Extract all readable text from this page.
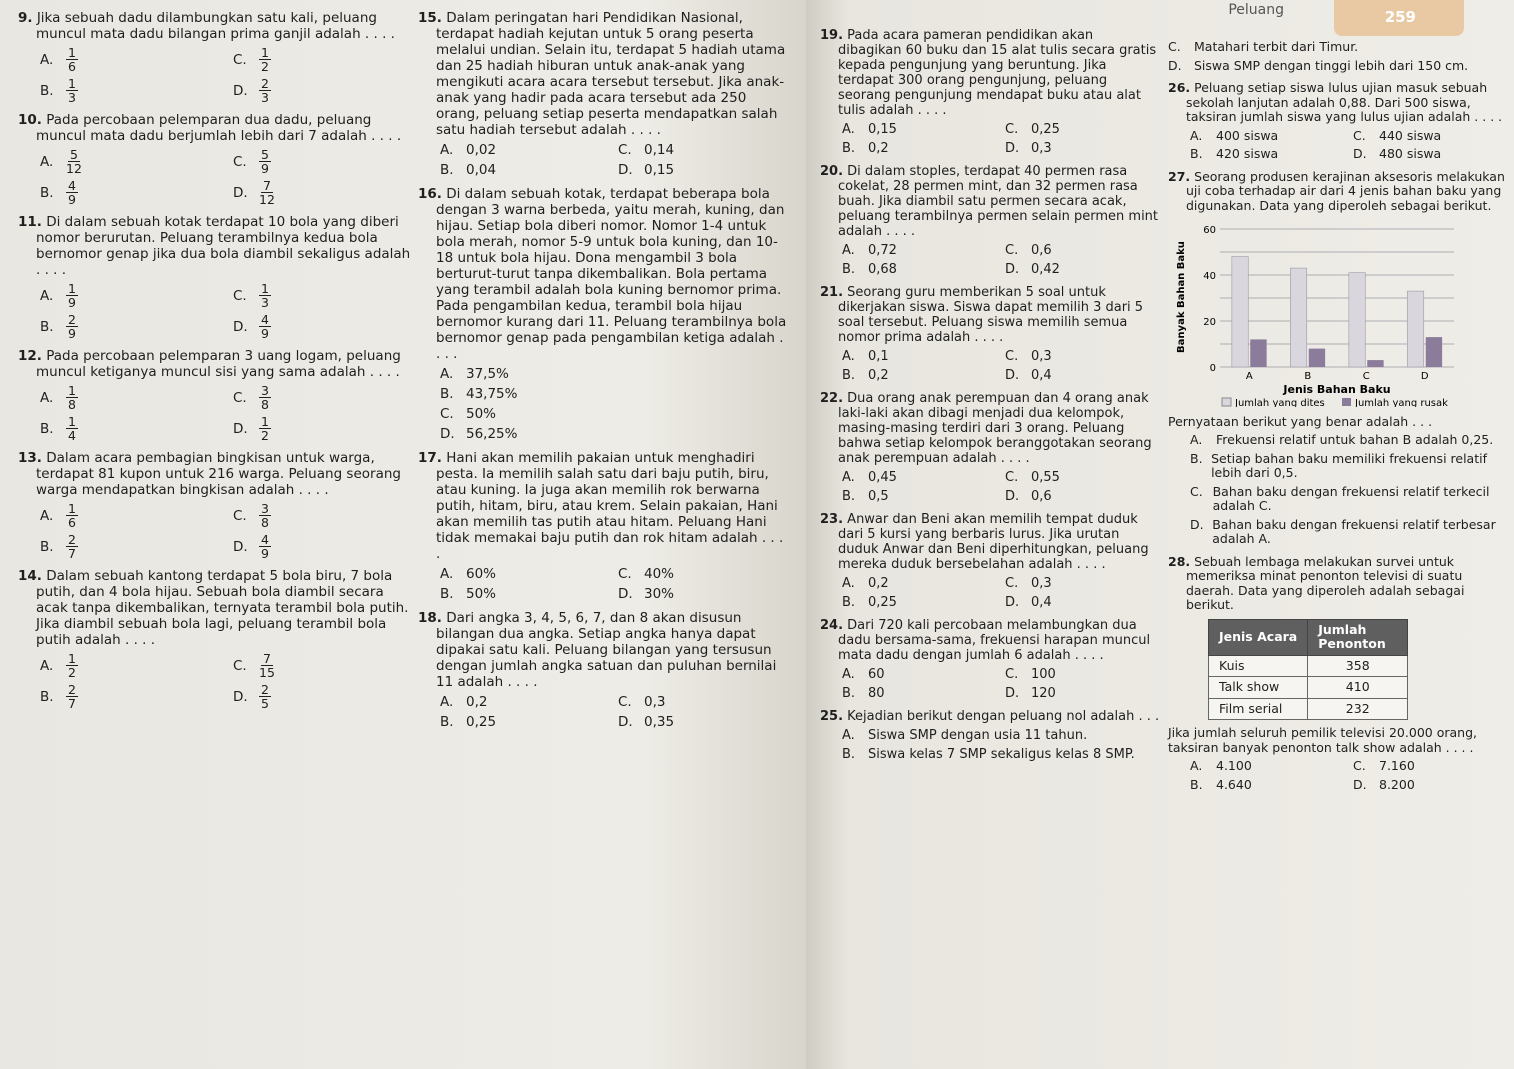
9. Jika sebuah dadu dilambungkan satu kali, peluang muncul mata dadu bilangan prima ganjil adalah . . . .
A.	$\frac{1}{6}$	C. $\frac{1}{2}$
B. $\frac{1}{3}$	D. $\frac{2}{3}$
10. Pada percobaan pelemparan dua dadu, peluang muncul mata dadu berjumlah lebih dari 7 adalah . . . .
A.	$\frac{5}{12}$	C. $\frac{5}{9}$
B. $\frac{4}{9}$	D. $\frac{7}{12}$
11. Di dalam sebuah kotak terdapat 10 bola yang diberi nomor berurutan. Peluang terambilnya kedua bola bernomor genap jika dua bola diambil sekaligus adalah . . . .
A.	$\frac{1}{9}$	C. $\frac{1}{3}$
B. $\frac{2}{9}$	D. $\frac{4}{9}$
12. Pada percobaan pelemparan 3 uang logam, peluang muncul ketiganya muncul sisi yang sama adalah . . . .
A.	$\frac{1}{8}$	C. $\frac{3}{8}$
B. $\frac{1}{4}$	D. $\frac{1}{2}$
13. Dalam acara pembagian bingkisan untuk warga, terdapat 81 kupon untuk 216 warga. Peluang seorang warga mendapatkan bingkisan adalah . . . .
A.	$\frac{1}{6}$	C. $\frac{3}{8}$
B. $\frac{2}{7}$	D. $\frac{4}{9}$
14. Dalam sebuah kantong terdapat 5 bola biru, 7 bola putih, dan 4 bola hijau. Sebuah bola diambil secara acak tanpa dikembalikan, ternyata terambil bola putih. Jika diambil sebuah bola lagi, peluang terambil bola putih adalah . . . .
A.	$\frac{1}{2}$	C. $\frac{7}{15}$
B. $\frac{2}{7}$	D. $\frac{2}{5}$
15. Dalam peringatan hari Pendidikan Nasional, terdapat hadiah kejutan untuk 5 orang peserta melalui undian. Selain itu, terdapat 5 hadiah utama dan 25 hadiah hiburan untuk anak-anak yang mengikuti acara acara tersebut tersebut. Jika anak-anak yang hadir pada acara tersebut ada 250 orang, peluang setiap peserta mendapatkan salah satu hadiah tersebut adalah . . . .
A. 0,02	C. 0,14
B. 0,04	D. 0,15
16. Di dalam sebuah kotak, terdapat beberapa bola dengan 3 warna berbeda, yaitu merah, kuning, dan hijau. Setiap bola diberi nomor. Nomor 1-4 untuk bola merah, nomor 5-9 untuk bola kuning, dan 10-18 untuk bola hijau. Dona mengambil 3 bola berturut-turut tanpa dikembalikan. Bola pertama yang terambil adalah bola kuning bernomor prima. Pada pengambilan kedua, terambil bola hijau bernomor kurang dari 11. Peluang terambilnya bola bernomor genap pada pengambilan ketiga adalah . . . .
A. 37,5%
B. 43,75%
C. 50%
D. 56,25%
17. Hani akan memilih pakaian untuk menghadiri pesta. Ia memilih salah satu dari baju putih, biru, atau kuning. Ia juga akan memilih rok berwarna putih, hitam, biru, atau krem. Selain pakaian, Hani akan memilih tas putih atau hitam. Peluang Hani tidak memakai baju putih dan rok hitam adalah . . . .
A. 60%	C. 40%
B. 50%	D. 30%
18. Dari angka 3, 4, 5, 6, 7, dan 8 akan disusun bilangan dua angka. Setiap angka hanya dapat dipakai satu kali. Peluang bilangan yang tersusun dengan jumlah angka satuan dan puluhan bernilai 11 adalah . . . .
A. 0,2	C. 0,3
B. 0,25	D. 0,35
259
Peluang
19. Pada acara pameran pendidikan akan dibagikan 60 buku dan 15 alat tulis secara gratis kepada pengunjung yang beruntung. Jika terdapat 300 orang pengunjung, peluang seorang pengunjung mendapat buku atau alat tulis adalah . . . .
A.	0,15	C. 0,25
B. 0,2	D. 0,3
20. Di dalam stoples, terdapat 40 permen rasa cokelat, 28 permen mint, dan 32 permen rasa buah. Jika diambil satu permen secara acak, peluang terambilnya permen selain permen mint adalah . . . .
A.	0,72	C. 0,6
B. 0,68	D. 0,42
21. Seorang guru memberikan 5 soal untuk dikerjakan siswa. Siswa dapat memilih 3 dari 5 soal tersebut. Peluang siswa memilih semua nomor prima adalah . . . .
A.	0,1	C. 0,3
B. 0,2	D. 0,4
22. Dua orang anak perempuan dan 4 orang anak laki-laki akan dibagi menjadi dua kelompok, masing-masing terdiri dari 3 orang. Peluang bahwa setiap kelompok beranggotakan seorang anak perempuan adalah . . . .
A.	0,45	C. 0,55
B. 0,5	D. 0,6
23. Anwar dan Beni akan memilih tempat duduk dari 5 kursi yang berbaris lurus. Jika urutan duduk Anwar dan Beni diperhitungkan, peluang mereka duduk bersebelahan adalah . . . .
A.	0,2	C. 0,3
B. 0,25	D. 0,4
24. Dari 720 kali percobaan melambungkan dua dadu bersama-sama, frekuensi harapan muncul mata dadu dengan jumlah 6 adalah . . . .
A.	60	C. 100
B. 80	D. 120
25. Kejadian berikut dengan peluang nol adalah . . .
A.	Siswa SMP dengan usia 11 tahun.
B. Siswa kelas 7 SMP sekaligus kelas 8 SMP.
C.	Matahari terbit dari Timur.
D. Siswa SMP dengan tinggi lebih dari 150 cm.
26. Peluang setiap siswa lulus ujian masuk sebuah sekolah lanjutan adalah 0,88. Dari 500 siswa, taksiran jumlah siswa yang lulus ujian adalah . . . .
A.	400 siswa	C.	440 siswa
B.	420 siswa	D. 480 siswa
27. Seorang produsen kerajinan aksesoris melakukan uji coba terhadap air dari 4 jenis bahan baku yang digunakan. Data yang diperoleh sebagai berikut.
0
20
40
60
A	B	C	D
Banyak Bahan Baku
Jenis Bahan Baku
Jumlah yang dites	Jumlah yang rusak
Pernyataan berikut yang benar adalah . . .
A.	Frekuensi relatif untuk bahan B adalah 0,25.
B. Setiap bahan baku memiliki frekuensi relatif lebih dari 0,5.
C. Bahan baku dengan frekuensi relatif terkecil adalah C.
D. Bahan baku dengan frekuensi relatif terbesar adalah A.
28. Sebuah lembaga melakukan survei untuk memeriksa minat penonton televisi di suatu daerah. Data yang diperoleh adalah sebagai berikut.
Jenis Acara	Jumlah Penonton
Kuis	358
Talk show	410
Film serial	232
Jika jumlah seluruh pemilik televisi 20.000 orang, taksiran banyak penonton talk show adalah . . . .
A.	4.100	C.	7.160
B.	4.640	D. 8.200
